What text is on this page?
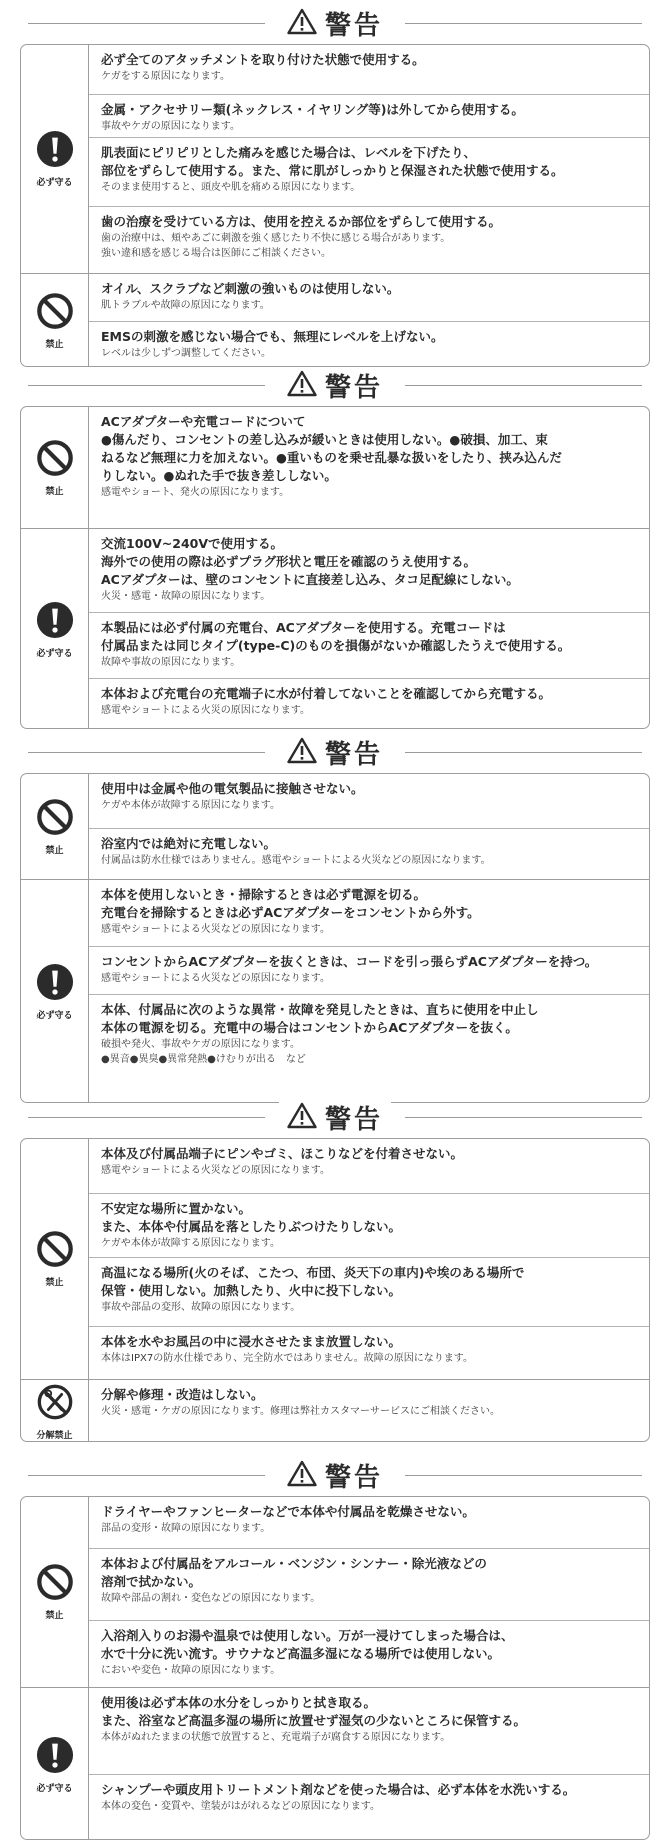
警告
必ず守る
必ず全てのアタッチメントを取り付けた状態で使用する。
ケガをする原因になります。
金属・アクセサリー類(ネックレス・イヤリング等)は外してから使用する。
事故やケガの原因になります。
肌表面にピリピリとした痛みを感じた場合は、レベルを下げたり、
部位をずらして使用する。また、常に肌がしっかりと保湿された状態で使用する。
そのまま使用すると、頭皮や肌を痛める原因になります。
歯の治療を受けている方は、使用を控えるか部位をずらして使用する。
歯の治療中は、頬やあごに刺激を強く感じたり不快に感じる場合があります。
強い違和感を感じる場合は医師にご相談ください。
禁止
オイル、スクラブなど刺激の強いものは使用しない。
肌トラブルや故障の原因になります。
EMSの刺激を感じない場合でも、無理にレベルを上げない。
レベルは少しずつ調整してください。
警告
禁止
ACアダプターや充電コードについて
●傷んだり、コンセントの差し込みが緩いときは使用しない。●破損、加工、束
ねるなど無理に力を加えない。●重いものを乗せ乱暴な扱いをしたり、挟み込んだ
りしない。●ぬれた手で抜き差ししない。
感電やショート、発火の原因になります。
必ず守る
交流100V~240Vで使用する。
海外での使用の際は必ずプラグ形状と電圧を確認のうえ使用する。
ACアダプターは、壁のコンセントに直接差し込み、タコ足配線にしない。
火災・感電・故障の原因になります。
本製品には必ず付属の充電台、ACアダプターを使用する。充電コードは
付属品または同じタイプ(type-C)のものを損傷がないか確認したうえで使用する。
故障や事故の原因になります。
本体および充電台の充電端子に水が付着してないことを確認してから充電する。
感電やショートによる火災の原因になります。
警告
禁止
使用中は金属や他の電気製品に接触させない。
ケガや本体が故障する原因になります。
浴室内では絶対に充電しない。
付属品は防水仕様ではありません。感電やショートによる火災などの原因になります。
必ず守る
本体を使用しないとき・掃除するときは必ず電源を切る。
充電台を掃除するときは必ずACアダプターをコンセントから外す。
感電やショートによる火災などの原因になります。
コンセントからACアダプターを抜くときは、コードを引っ張らずACアダプターを持つ。
感電やショートによる火災などの原因になります。
本体、付属品に次のような異常・故障を発見したときは、直ちに使用を中止し
本体の電源を切る。充電中の場合はコンセントからACアダプターを抜く。
破損や発火、事故やケガの原因になります。
●異音●異臭●異常発熱●けむりが出る　など
警告
禁止
本体及び付属品端子にピンやゴミ、ほこりなどを付着させない。
感電やショートによる火災などの原因になります。
不安定な場所に置かない。
また、本体や付属品を落としたりぶつけたりしない。
ケガや本体が故障する原因になります。
高温になる場所(火のそば、こたつ、布団、炎天下の車内)や埃のある場所で
保管・使用しない。加熱したり、火中に投下しない。
事故や部品の変形、故障の原因になります。
本体を水やお風呂の中に浸水させたまま放置しない。
本体はIPX7の防水仕様であり、完全防水ではありません。故障の原因になります。
分解禁止
分解や修理・改造はしない。
火災・感電・ケガの原因になります。修理は弊社カスタマーサービスにご相談ください。
警告
禁止
ドライヤーやファンヒーターなどで本体や付属品を乾燥させない。
部品の変形・故障の原因になります。
本体および付属品をアルコール・ベンジン・シンナー・除光液などの
溶剤で拭かない。
故障や部品の割れ・変色などの原因になります。
入浴剤入りのお湯や温泉では使用しない。万が一浸けてしまった場合は、
水で十分に洗い流す。サウナなど高温多湿になる場所では使用しない。
においや変色・故障の原因になります。
必ず守る
使用後は必ず本体の水分をしっかりと拭き取る。
また、浴室など高温多湿の場所に放置せず湿気の少ないところに保管する。
本体がぬれたままの状態で放置すると、充電端子が腐食する原因になります。
シャンプーや頭皮用トリートメント剤などを使った場合は、必ず本体を水洗いする。
本体の変色・変質や、塗装がはがれるなどの原因になります。
